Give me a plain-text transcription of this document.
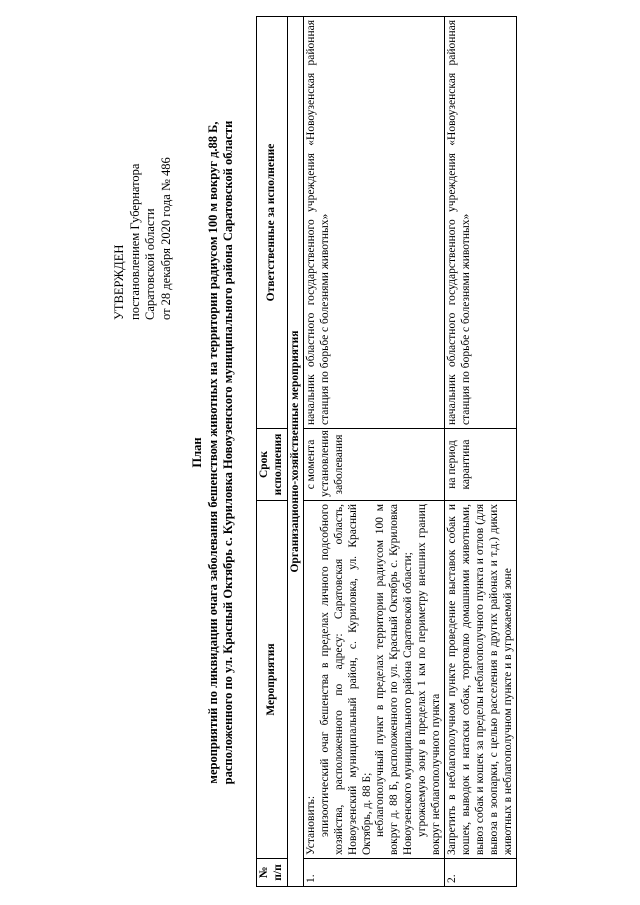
УТВЕРЖДЕН постановлением Губернатора Саратовской области от 28 декабря 2020 года № 486
План мероприятий по ликвидации очага заболевания бешенством животных на территории радиусом 100 м вокруг д.88 Б, расположенного по ул. Красный Октябрь с. Куриловка Новоузенского муниципального района Саратовской области
№ п/п	Мероприятия	Срок исполнения	Ответственные за исполнение
Организационно-хозяйственные мероприятия			
1.	Установить: эпизоотический очаг бешенства в пределах личного подсобного хозяйства, расположенного по адресу: Саратовская область, Новоузенский муниципальный район, с. Куриловка, ул. Красный Октябрь, д. 88 Б; неблагополучный пункт в пределах территории радиусом 100 м вокруг д. 88 Б, расположенного по ул. Красный Октябрь с. Куриловка Новоузенского муниципального района Саратовской области; угрожаемую зону в пределах 1 км по периметру внешних границ вокруг неблагополучного пункта	с момента установления заболевания	начальник областного государственного учреждения «Новоузенская районная станция по борьбе с болезнями животных»
2.	Запретить в неблагополучном пункте проведение выставок собак и кошек, выводок и натаски собак, торговлю домашними животными, вывоз собак и кошек за пределы неблагополучного пункта и отлов (для вывоза в зоопарки, с целью расселения в других районах и т.д.) диких животных в неблагополучном пункте и в угрожаемой зоне	на период карантина	начальник областного государственного учреждения «Новоузенская районная станция по борьбе с болезнями животных»
